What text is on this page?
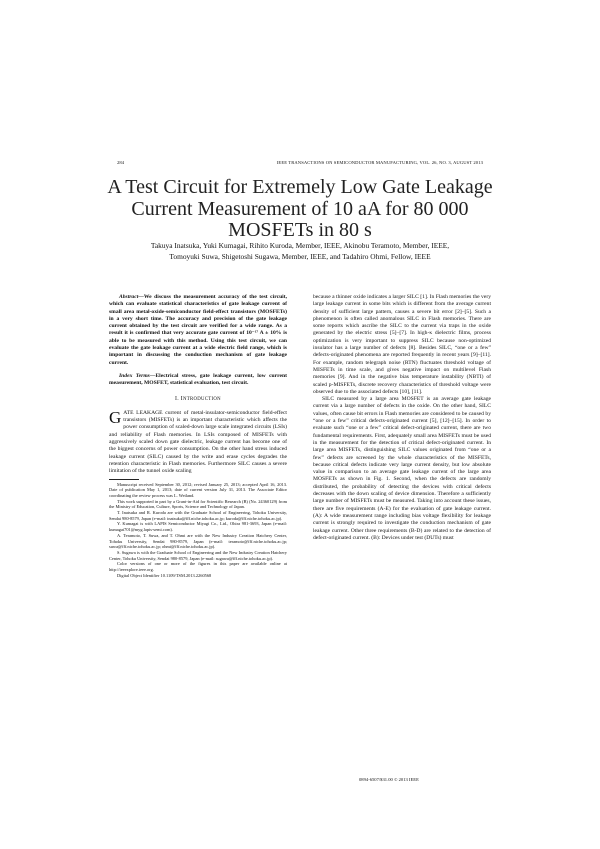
284	IEEE TRANSACTIONS ON SEMICONDUCTOR MANUFACTURING, VOL. 26, NO. 3, AUGUST 2013
A Test Circuit for Extremely Low Gate Leakage Current Measurement of 10 aA for 80 000 MOSFETs in 80 s
Takuya Inatsuka, Yuki Kumagai, Rihito Kuroda, Member, IEEE, Akinobu Teramoto, Member, IEEE,
Tomoyuki Suwa, Shigetoshi Sugawa, Member, IEEE, and Tadahiro Ohmi, Fellow, IEEE

Abstract—We discuss the measurement accuracy of the test circuit, which can evaluate statistical characteristics of gate leakage current of small area metal-oxide-semiconductor field-effect transistors (MOSFETs) in a very short time. The accuracy and precision of the gate leakage current obtained by the test circuit are verified for a wide range. As a result it is confirmed that very accurate gate current of 10⁻¹⁷ A ± 10% is able to be measured with this method. Using this test circuit, we can evaluate the gate leakage current at a wide electric field range, which is important in discussing the conduction mechanism of gate leakage current.

Index Terms—Electrical stress, gate leakage current, low current measurement, MOSFET, statistical evaluation, test circuit.

I. INTRODUCTION

GATE LEAKAGE current of metal-insulator-semiconductor field-effect transistors (MISFETs) is an important characteristic which affects the power consumption of scaled-down large scale integrated circuits (LSIs) and reliability of Flash memories. In LSIs composed of MISFETs with aggressively scaled down gate dielectric, leakage current has become one of the biggest concerns of power consumption. On the other hand stress induced leakage current (SILC) caused by the write and erase cycles degrades the retention characteristic in Flash memories. Furthermore SILC causes a severe limitation of the tunnel oxide scaling

Manuscript received September 30, 2012; revised January 25, 2013; accepted April 16, 2013. Date of publication May 1, 2013; date of current version July 31, 2013. The Associate Editor coordinating the review process was L. Weiland.

This work supported in part by a Grant-in-Aid for Scientific Research (B) (No. 24360129) from the Ministry of Education, Culture, Sports, Science and Technology of Japan.

T. Inatsuka and R. Kuroda are with the Graduate School of Engineering, Tohoku University, Sendai 980-8579, Japan (e-mail: inatsuka@fff.niche.tohoku.ac.jp; kuroda@fff.niche.tohoku.ac.jp).

Y. Kumagai is with LAPIS Semiconductor Miyagi Co., Ltd., Ohira 981-3693, Japan (e-mail: kumagai701@myg.lapis-semi.com).

A. Teramoto, T. Suwa, and T. Ohmi are with the New Industry Creation Hatchery Center, Tohoku University, Sendai 980-8579, Japan (e-mail: teramoto@fff.niche.tohoku.ac.jp; suwa@fff.niche.tohoku.ac.jp; ohmi@fff.niche.tohoku.ac.jp).

S. Sugawa is with the Graduate School of Engineering and the New Industry Creation Hatchery Center, Tohoku University, Sendai 980-8579, Japan (e-mail: sugawa@fff.niche.tohoku.ac.jp).

Color versions of one or more of the figures in this paper are available online at http://ieeexplore.ieee.org.

Digital Object Identifier 10.1109/TSM.2013.2260568

because a thinner oxide indicates a larger SILC [1]. In Flash memories the very large leakage current in some bits which is different from the average current density of sufficient large pattern, causes a severe bit error [2]–[5]. Such a phenomenon is often called anomalous SILC in Flash memories. There are some reports which ascribe the SILC to the current via traps in the oxide generated by the electric stress [5]–[7]. In high-κ dielectric films, process optimization is very important to suppress SILC because non-optimized insulator has a large number of defects [8]. Besides SILC, “one or a few” defects-originated phenomena are reported frequently in recent years [9]–[11]. For example, random telegraph noise (RTN) fluctuates threshold voltage of MISFETs in time scale, and gives negative impact on multilevel Flash memories [9]. And in the negative bias temperature instability (NBTI) of scaled p-MISFETs, discrete recovery characteristics of threshold voltage were observed due to the associated defects [10], [11].

SILC measured by a large area MOSFET is an average gate leakage current via a large number of defects in the oxide. On the other hand, SILC values, often cause bit errors in Flash memories are considered to be caused by “one or a few” critical defects-originated current [5], [12]–[15]. In order to evaluate such “one or a few” critical defect-originated current, there are two fundamental requirements. First, adequately small area MISFETs must be used in the measurement for the detection of critical defect-originated current. In large area MISFETs, distinguishing SILC values originated from “one or a few” defects are screened by the whole characteristics of the MISFETs, because critical defects indicate very large current density, but low absolute value in comparison to an average gate leakage current of the large area MOSFETs as shown in Fig. 1. Second, when the defects are randomly distributed, the probability of detecting the devices with critical defects decreases with the down scaling of device dimension. Therefore a sufficiently large number of MISFETs must be measured. Taking into account these issues, there are five requirements (A-E) for the evaluation of gate leakage current. (A): A wide measurement range including bias voltage flexibility for leakage current is strongly required to investigate the conduction mechanism of gate leakage current. Other three requirements (B-D) are related to the detection of defect-originated current. (B): Devices under test (DUTs) must

0894-6507/$31.00 © 2013 IEEE
